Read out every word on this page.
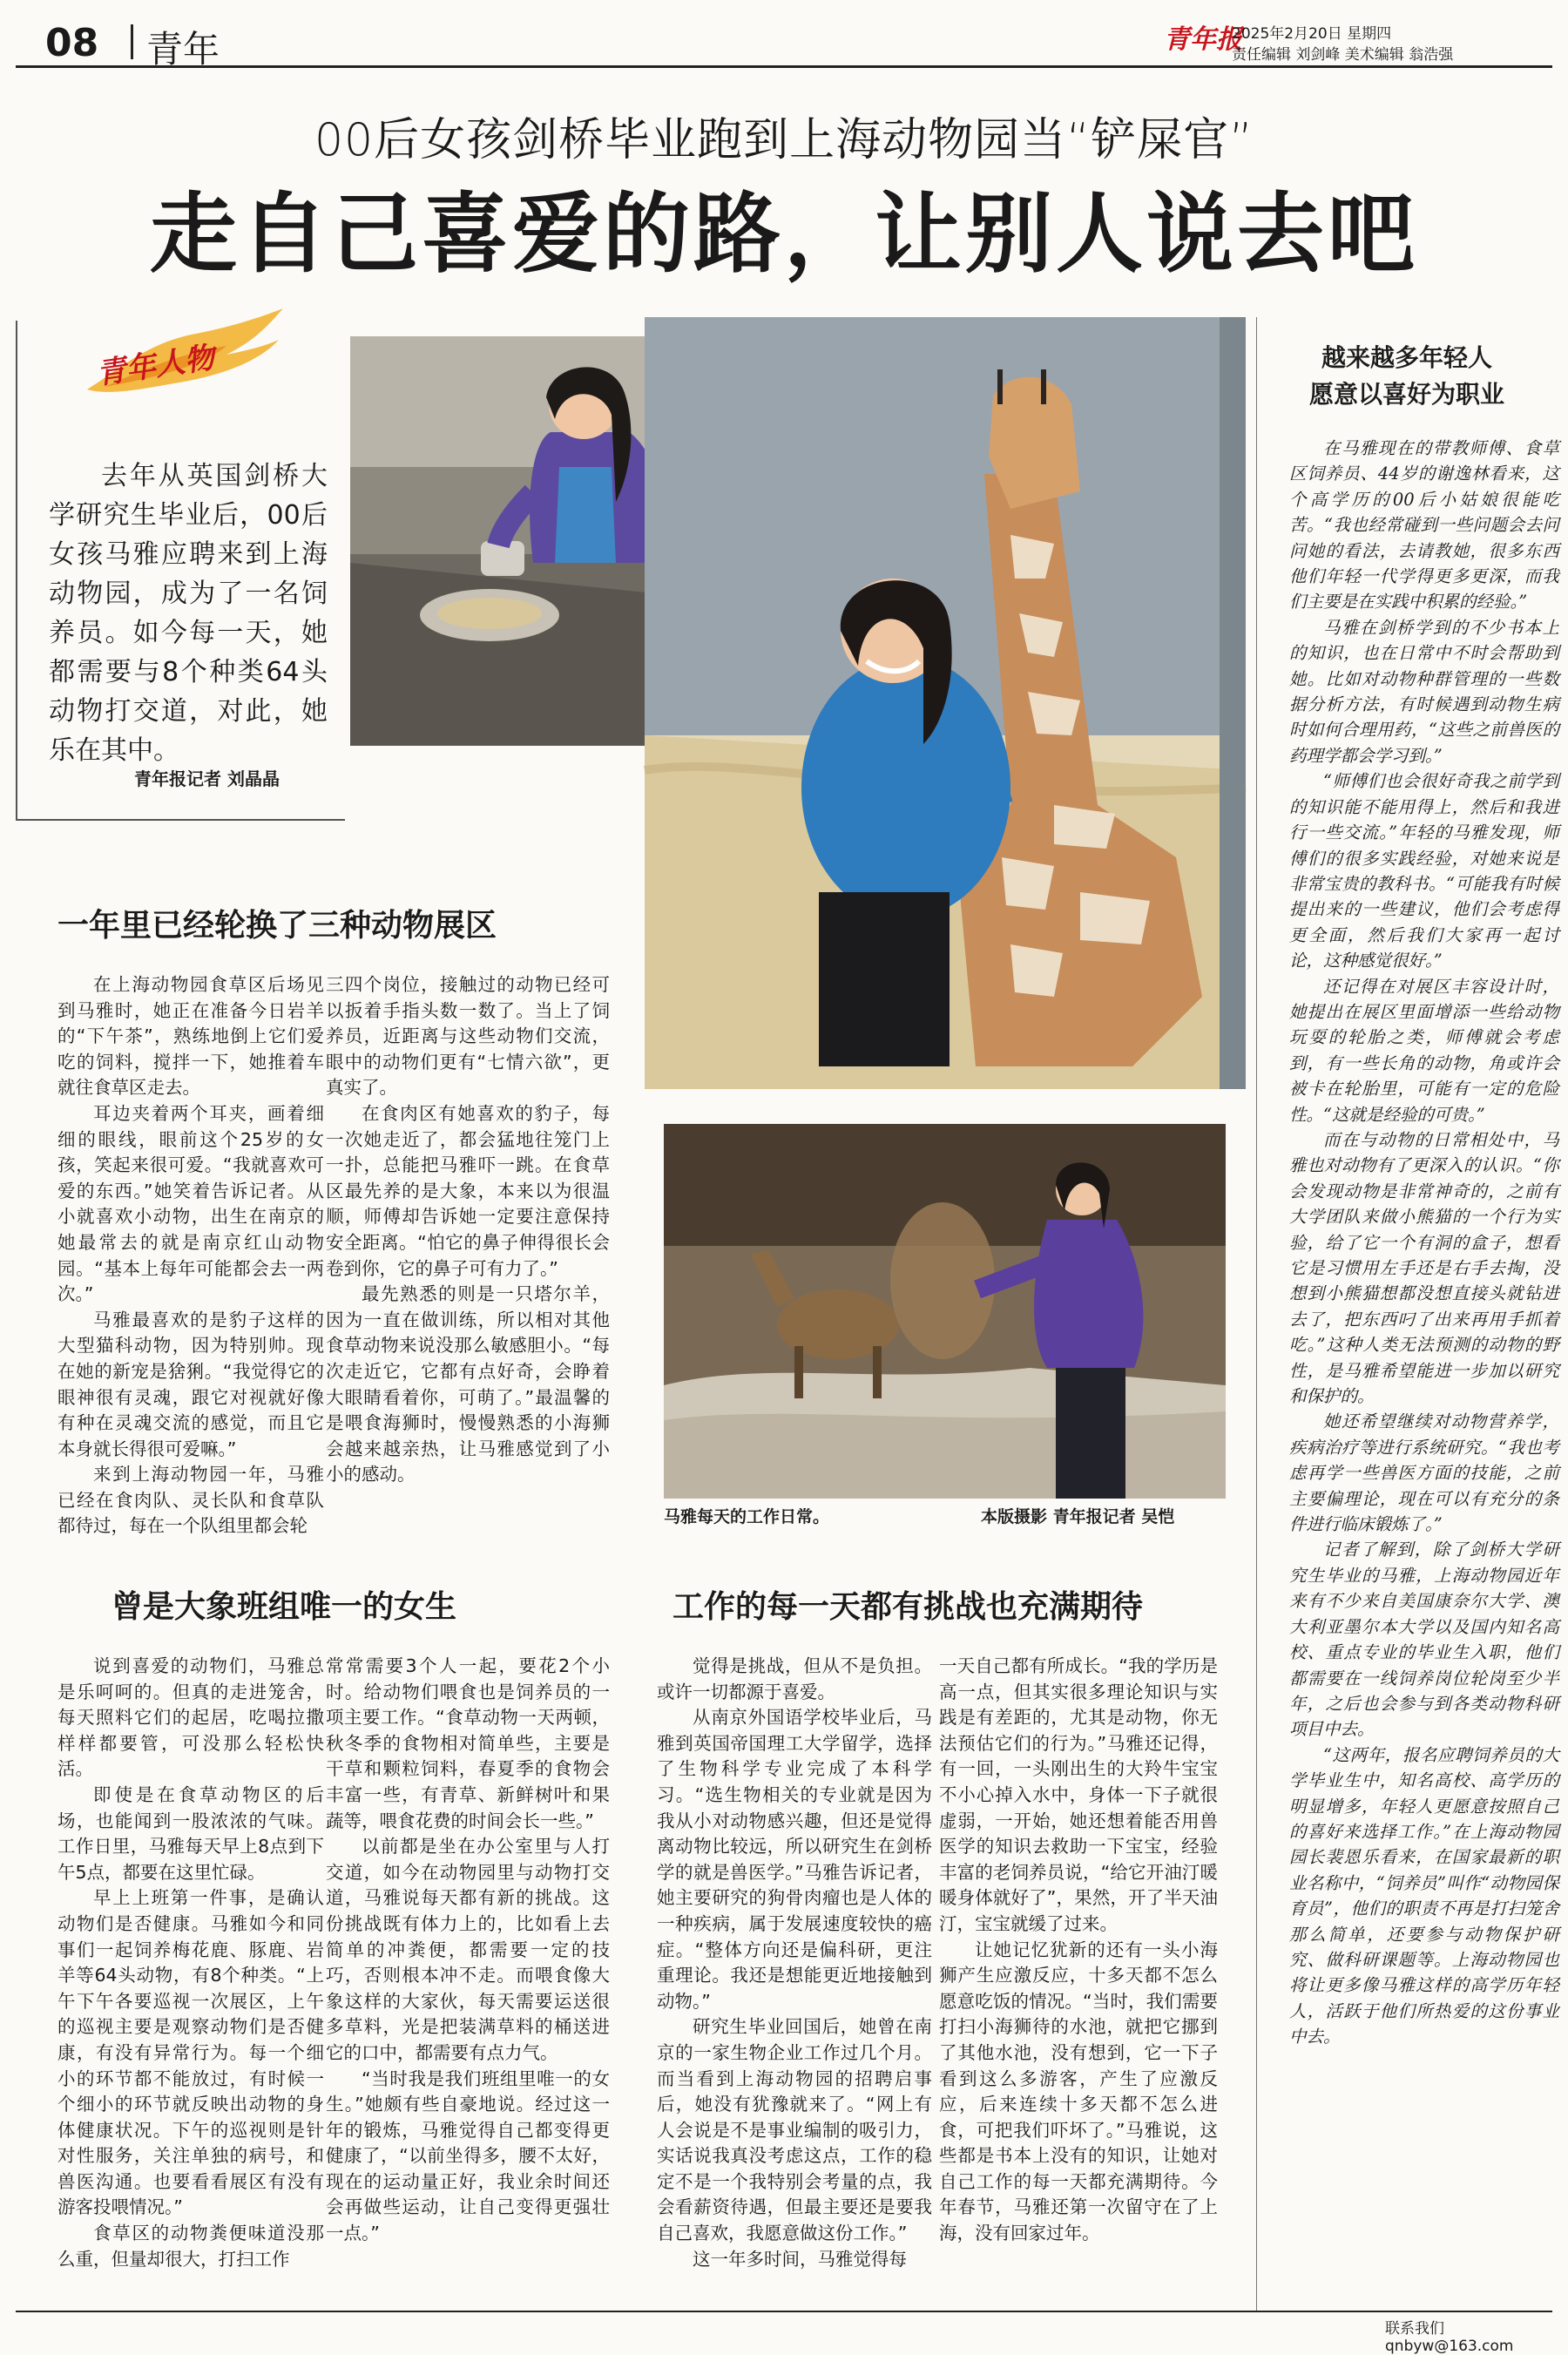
08 青年	青年报
2025年2月20日 星期四
责任编辑 刘剑峰 美术编辑 翁浩强
00后女孩剑桥毕业跑到上海动物园当“铲屎官”
走自己喜爱的路，让别人说去吧
青年人物
去年从英国剑桥大学研究生毕业后，00后女孩马雅应聘来到上海动物园，成为了一名饲养员。如今每一天，她都需要与8个种类64头动物打交道，对此，她乐在其中。
青年报记者 刘晶晶
马雅每天的工作日常。	本版摄影 青年报记者 吴恺
一年里已经轮换了三种动物展区

在上海动物园食草区后场见到马雅时，她正在准备今日岩羊的“下午茶”，熟练地倒上它们爱吃的饲料，搅拌一下，她推着车就往食草区走去。

耳边夹着两个耳夹，画着细细的眼线，眼前这个25岁的女孩，笑起来很可爱。“我就喜欢可爱的东西。”她笑着告诉记者。从小就喜欢小动物，出生在南京的她最常去的就是南京红山动物园。“基本上每年可能都会去一两次。”

马雅最喜欢的是豹子这样的大型猫科动物，因为特别帅。现在她的新宠是猞猁。“我觉得它的眼神很有灵魂，跟它对视就好像有种在灵魂交流的感觉，而且它本身就长得很可爱嘛。”

来到上海动物园一年，马雅已经在食肉队、灵长队和食草队都待过，每在一个队组里都会轮

三四个岗位，接触过的动物已经可以扳着手指头数一数了。当上了饲养员，近距离与这些动物们交流，眼中的动物们更有“七情六欲”，更真实了。

在食肉区有她喜欢的豹子，每一次她走近了，都会猛地往笼门上一扑，总能把马雅吓一跳。在食草区最先养的是大象，本来以为很温顺，师傅却告诉她一定要注意保持安全距离。“怕它的鼻子伸得很长会卷到你，它的鼻子可有力了。”

最先熟悉的则是一只塔尔羊，因为一直在做训练，所以相对其他食草动物来说没那么敏感胆小。“每次走近它，它都有点好奇，会睁着大眼睛看着你，可萌了。”最温馨的是喂食海狮时，慢慢熟悉的小海狮会越来越亲热，让马雅感觉到了小小的感动。

曾是大象班组唯一的女生

说到喜爱的动物们，马雅总是乐呵呵的。但真的走进笼舍，每天照料它们的起居，吃喝拉撒样样都要管，可没那么轻松快活。

即使是在食草动物区的后场，也能闻到一股浓浓的气味。工作日里，马雅每天早上8点到下午5点，都要在这里忙碌。

早上上班第一件事，是确认动物们是否健康。马雅如今和同事们一起饲养梅花鹿、豚鹿、岩羊等64头动物，有8个种类。“上午下午各要巡视一次展区，上午的巡视主要是观察动物们是否健康，有没有异常行为。每一个细小的环节都不能放过，有时候一个细小的环节就反映出动物的身体健康状况。下午的巡视则是针对性服务，关注单独的病号，和兽医沟通。也要看看展区有没有游客投喂情况。”

食草区的动物粪便味道没那么重，但量却很大，打扫工作

常常需要3个人一起，要花2个小时。给动物们喂食也是饲养员的一项主要工作。“食草动物一天两顿，秋冬季的食物相对简单些，主要是干草和颗粒饲料，春夏季的食物会丰富一些，有青草、新鲜树叶和果蔬等，喂食花费的时间会长一些。”

以前都是坐在办公室里与人打交道，如今在动物园里与动物打交道，马雅说每天都有新的挑战。这份挑战既有体力上的，比如看上去简单的冲粪便，都需要一定的技巧，否则根本冲不走。而喂食像大象这样的大家伙，每天需要运送很多草料，光是把装满草料的桶送进它的口中，都需要有点力气。

“当时我是我们班组里唯一的女生。”她颇有些自豪地说。经过这一年的锻炼，马雅觉得自己都变得更健康了，“以前坐得多，腰不太好，现在的运动量正好，我业余时间还会再做些运动，让自己变得更强壮一点。”

工作的每一天都有挑战也充满期待

觉得是挑战，但从不是负担。或许一切都源于喜爱。

从南京外国语学校毕业后，马雅到英国帝国理工大学留学，选择了生物科学专业完成了本科学习。“选生物相关的专业就是因为我从小对动物感兴趣，但还是觉得离动物比较远，所以研究生在剑桥学的就是兽医学。”马雅告诉记者，她主要研究的狗骨肉瘤也是人体的一种疾病，属于发展速度较快的癌症。“整体方向还是偏科研，更注重理论。我还是想能更近地接触到动物。”

研究生毕业回国后，她曾在南京的一家生物企业工作过几个月。而当看到上海动物园的招聘启事后，她没有犹豫就来了。“网上有人会说是不是事业编制的吸引力，实话说我真没考虑这点，工作的稳定不是一个我特别会考量的点，我会看薪资待遇，但最主要还是要我自己喜欢，我愿意做这份工作。”

这一年多时间，马雅觉得每

一天自己都有所成长。“我的学历是高一点，但其实很多理论知识与实践是有差距的，尤其是动物，你无法预估它们的行为。”马雅还记得，有一回，一头刚出生的大羚牛宝宝不小心掉入水中，身体一下子就很虚弱，一开始，她还想着能否用兽医学的知识去救助一下宝宝，经验丰富的老饲养员说，“给它开油汀暖暖身体就好了”，果然，开了半天油汀，宝宝就缓了过来。

让她记忆犹新的还有一头小海狮产生应激反应，十多天都不怎么愿意吃饭的情况。“当时，我们需要打扫小海狮待的水池，就把它挪到了其他水池，没有想到，它一下子看到这么多游客，产生了应激反应，后来连续十多天都不怎么进食，可把我们吓坏了。”马雅说，这些都是书本上没有的知识，让她对自己工作的每一天都充满期待。今年春节，马雅还第一次留守在了上海，没有回家过年。

越来越多年轻人
愿意以喜好为职业

在马雅现在的带教师傅、食草区饲养员、44岁的谢逸林看来，这个高学历的00后小姑娘很能吃苦。“我也经常碰到一些问题会去问问她的看法，去请教她，很多东西他们年轻一代学得更多更深，而我们主要是在实践中积累的经验。”

马雅在剑桥学到的不少书本上的知识，也在日常中不时会帮助到她。比如对动物种群管理的一些数据分析方法，有时候遇到动物生病时如何合理用药，“这些之前兽医的药理学都会学习到。”

“师傅们也会很好奇我之前学到的知识能不能用得上，然后和我进行一些交流。”年轻的马雅发现，师傅们的很多实践经验，对她来说是非常宝贵的教科书。“可能我有时候提出来的一些建议，他们会考虑得更全面，然后我们大家再一起讨论，这种感觉很好。”

还记得在对展区丰容设计时，她提出在展区里面增添一些给动物玩耍的轮胎之类，师傅就会考虑到，有一些长角的动物，角或许会被卡在轮胎里，可能有一定的危险性。“这就是经验的可贵。”

而在与动物的日常相处中，马雅也对动物有了更深入的认识。“你会发现动物是非常神奇的，之前有大学团队来做小熊猫的一个行为实验，给了它一个有洞的盒子，想看它是习惯用左手还是右手去掏，没想到小熊猫想都没想直接头就钻进去了，把东西叼了出来再用手抓着吃。”这种人类无法预测的动物的野性，是马雅希望能进一步加以研究和保护的。

她还希望继续对动物营养学，疾病治疗等进行系统研究。“我也考虑再学一些兽医方面的技能，之前主要偏理论，现在可以有充分的条件进行临床锻炼了。”

记者了解到，除了剑桥大学研究生毕业的马雅，上海动物园近年来有不少来自美国康奈尔大学、澳大利亚墨尔本大学以及国内知名高校、重点专业的毕业生入职，他们都需要在一线饲养岗位轮岗至少半年，之后也会参与到各类动物科研项目中去。

“这两年，报名应聘饲养员的大学毕业生中，知名高校、高学历的明显增多，年轻人更愿意按照自己的喜好来选择工作。”在上海动物园园长裴恩乐看来，在国家最新的职业名称中，“饲养员”叫作“动物园保育员”，他们的职责不再是打扫笼舍那么简单，还要参与动物保护研究、做科研课题等。上海动物园也将让更多像马雅这样的高学历年轻人，活跃于他们所热爱的这份事业中去。

联系我们 qnbyw@163.com
